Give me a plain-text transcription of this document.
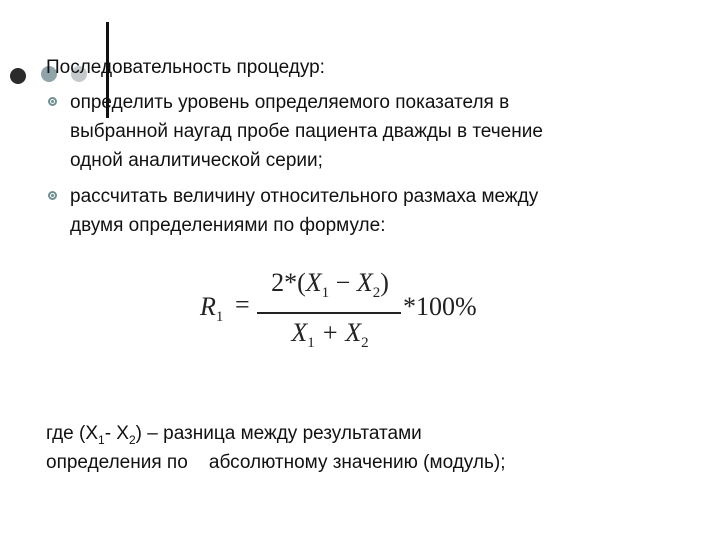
Последовательность процедур:
определить уровень определяемого показателя в
выбранной наугад пробе пациента дважды в течение
одной аналитической серии;
рассчитать величину относительного размаха между
двумя определениями по формуле:
$R_1$ =
$2*(X_1 - X_2)$
$X_1 + X_2$
*100%
где ($X_1-$ $X_2$) – разница между результатами
определения по    абсолютному значению (модуль);
